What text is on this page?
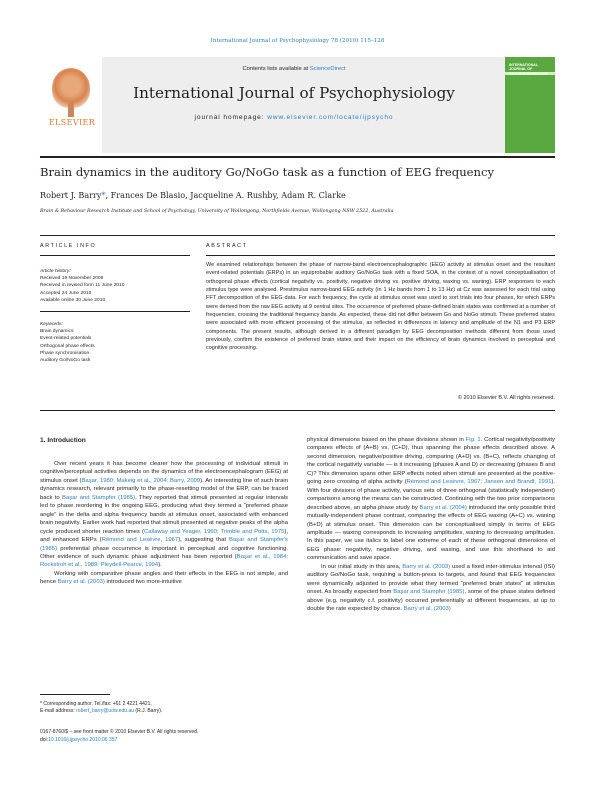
International Journal of Psychophysiology 78 (2010) 115–128
ELSEVIER
Contents lists available at ScienceDirect
International Journal of Psychophysiology
journal homepage: www.elsevier.com/locate/ijpsycho
INTERNATIONAL JOURNAL OF PSYCHOPHYSIOLOGY
Brain dynamics in the auditory Go/NoGo task as a function of EEG frequency
Robert J. Barry*, Frances De Blasio, Jacqueline A. Rushby, Adam R. Clarke
Brain & Behaviour Research Institute and School of Psychology, University of Wollongong, Northfields Avenue, Wollongong NSW 2522, Australia
ARTICLE INFO	ABSTRACT
Article history:
Received 19 November 2009
Received in revised form 11 June 2010
Accepted 24 June 2010
Available online 30 June 2010
Keywords:
Brain dynamics
Event-related potentials
Orthogonal phase effects
Phase synchronisation
Auditory Go/NoGo task
We examined relationships between the phase of narrow-band electroencephalographic (EEG) activity at stimulus onset and the resultant event-related potentials (ERPs) in an equiprobable auditory Go/NoGo task with a fixed SOA, in the context of a novel conceptualisation of orthogonal phase effects (cortical negativity vs. positivity, negative driving vs. positive driving, waxing vs. waning). ERP responses to each stimulus type were analysed. Prestimulus narrow-band EEG activity (in 1 Hz bands from 1 to 13 Hz) at Cz was assessed for each trial using FFT decomposition of the EEG data. For each frequency, the cycle at stimulus onset was used to sort trials into four phases, for which ERPs were derived from the raw EEG activity at 9 central sites. The occurrence of preferred phase-defined brain states was confirmed at a number of frequencies, crossing the traditional frequency bands. As expected, these did not differ between Go and NoGo stimuli. These preferred states were associated with more efficient processing of the stimulus, as reflected in differences in latency and amplitude of the N1 and P3 ERP components. The present results, although derived in a different paradigm by EEG decomposition methods different from those used previously, confirm the existence of preferred brain states and their impact on the efficiency of brain dynamics involved in perceptual and cognitive processing.
© 2010 Elsevier B.V. All rights reserved.
1. Introduction

Over recent years it has become clearer how the processing of individual stimuli in cognitive/perceptual activities depends on the dynamics of the electroencephalogram (EEG) at stimulus onset (Başar, 1980; Makeig et al., 2004; Barry, 2009). An interesting line of such brain dynamics research, relevant primarily to the phase-resetting model of the ERP, can be traced back to Başar and Stampfer (1985). They reported that stimuli presented at regular intervals led to phase reordering in the ongoing EEG, producing what they termed a “preferred phase angle” in the delta and alpha frequency bands at stimulus onset, associated with enhanced brain negativity. Earlier work had reported that stimuli presented at negative peaks of the alpha cycle produced shorter reaction times (Callaway and Yeager, 1960; Trimble and Potts, 1975), and enhanced ERPs (Rémond and Lesèvre, 1967), suggesting that Başar and Stampfer's (1985) preferential phase occurrence is important in perceptual and cognitive functioning. Other evidence of such dynamic phase adjustment has been reported (Başar et al., 1984; Rockstroh et al., 1989; Pleydell-Pearce, 1994).

Working with comparative phase angles and their effects in the EEG is not simple, and hence Barry et al. (2003) introduced two more-intuitive

physical dimensions based on the phase divisions shown in Fig. 1. Cortical negativity/positivity compares effects of (A+B) vs. (C+D), thus spanning the phase effects described above. A second dimension, negative/positive driving, comparing (A+D) vs. (B+C), reflects changing of the cortical negativity variable — is it increasing (phases A and D) or decreasing (phases B and C)? This dimension spans other ERP effects noted when stimuli are presented at the positive-going zero crossing of alpha activity (Rémond and Lesèvre, 1967; Jansen and Brandt, 1991). With four divisions of phase activity, various sets of three orthogonal (statistically independent) comparisons among the means can be constructed. Continuing with the two prior comparisons described above, an alpha phase study by Barry et al. (2004) introduced the only possible third mutually-independent phase contrast, comparing the effects of EEG waxing (A+C) vs. waning (B+D) at stimulus onset. This dimension can be conceptualised simply in terms of EEG amplitude — waxing corresponds to increasing amplitudes, waning to decreasing amplitudes. In this paper, we use italics to label one extreme of each of these orthogonal dimensions of EEG phase: negativity, negative driving, and waxing, and use this shorthand to aid communication and save space.

In our initial study in this area, Barry et al. (2003) used a fixed inter-stimulus interval (ISI) auditory Go/NoGo task, requiring a button-press to targets, and found that EEG frequencies were dynamically adjusted to provide what they termed “preferred brain states” at stimulus onset. As broadly expected from Başar and Stampfer (1985), some of the phase states defined above (e.g. negativity c.f. positivity) occurred preferentially at different frequencies, at up to double the rate expected by chance. Barry et al. (2003)

* Corresponding author. Tel./fax: +61 2 4221 4421.
E-mail address: robert_barry@uow.edu.au (R.J. Barry).
0167-8760/$ – see front matter © 2010 Elsevier B.V. All rights reserved.
doi:10.1016/j.ijpsycho.2010.06.357
